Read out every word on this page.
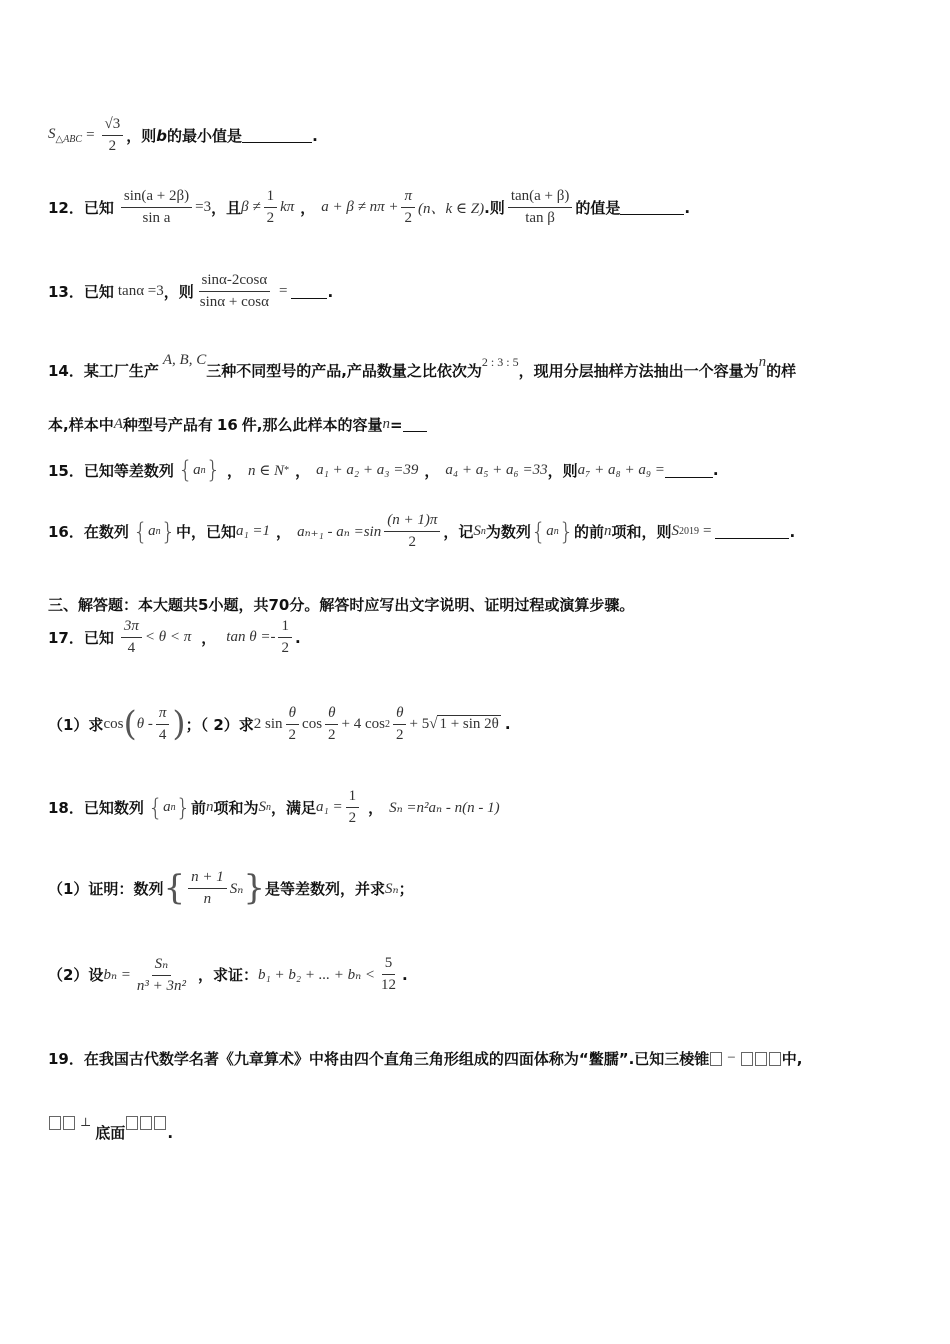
$S_{\triangle ABC} = \frac{√3}{2}$ ，则 b 的最小值是	.
12．已知 $\frac{\sin(a + 2\beta)}{\text{sin a}} =3$ ，且 $\beta \ne \frac{1}{2}$ kπ ， $a + \beta \ne n\pi + \frac{\pi}{2} (n$、k ∈ Z) .则 $\frac{\tan(a + \beta)}{\text{tan β}}$ 的值是	.
13．已知 tanα =3 ，则 $\frac{\sin\alpha-2\cos\alpha}{\sin\alpha + \cos\alpha}$ =	.
14．某工厂生产
A, B, C
三种不同型号的产品,产品数量之比依次为 2 : 3 : 5 ，现用分层抽样方法抽出一个容量为 n 的样
本,样本中 A 种型号产品有 16 件,那么此样本的容量 n =
15．已知等差数列 { a n } ， n ∈ N * ， a₁ + a₂ + a₃ =39 ， a₄ + a₅ + a₆ =33 ，则 a₇ + a₈ + a₉ =	.
16．在数列 { a n } 中，已知 a₁ =1 ， $a_{n+1} - a_n =\sin \frac{(n + 1)\pi}{2}$ ，记 S n 为数列 { a n } 的前 n 项和，则 S 2019 =	.
三、解答题：本大题共5小题，共70分。解答时应写出文字说明、证明过程或演算步骤。
17．已知 $\frac{3\pi}{4} < \theta < \pi$ ， $\tan \theta =- \frac{1}{2}$ .
（1）求 cos ( θ - $\frac{\pi}{4}$ ) ；（ 2）求 2 $\sin \frac{\theta}{2}$ $\cos \frac{\theta}{2} + 4$ $\cos 2 \frac{\theta}{2} + 5$ √ 1 + sin 2θ .
18．已知数列 { a n } 前 n 项和为 S n ，满足 $a_1 = \frac{1}{2}$ ， Sₙ =n²aₙ - n(n - 1)
（1）证明：数列 { $\frac{n + 1}{n}$ Sₙ } 是等差数列，并求 Sₙ ；
（2）设 $b_n = \frac{\text{Sₙ}}{\text{n³ + 3n²}}$ ，求证： b₁ + b₂ + ... + $b_n < \frac{5}{12}$ .
19．在我国古代数学名著《九章算术》中将由四个直角三角形组成的四面体称为“鳖臑”.已知三棱锥 −	中,
⊥
底面	.
